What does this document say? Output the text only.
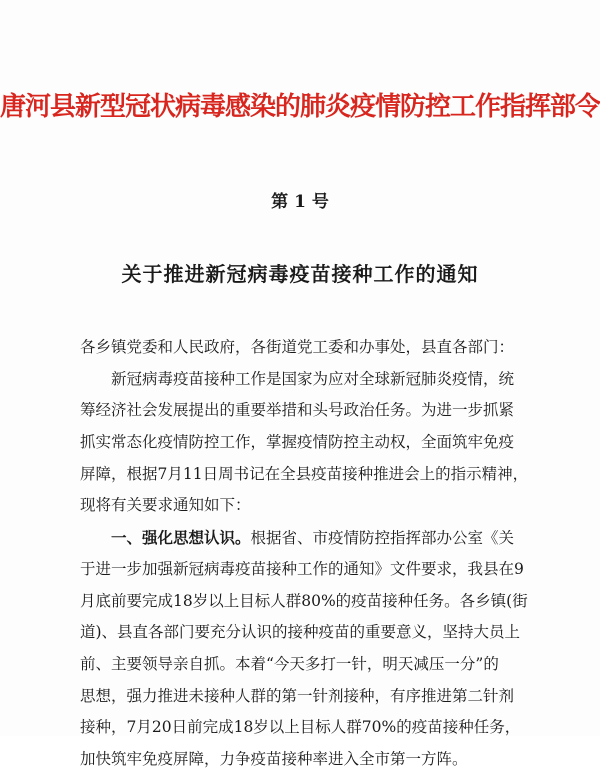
唐河县新型冠状病毒感染的肺炎疫情防控工作指挥部令
第 1 号
关于推进新冠病毒疫苗接种工作的通知
各乡镇党委和人民政府，各街道党工委和办事处，县直各部门：
新冠病毒疫苗接种工作是国家为应对全球新冠肺炎疫情，统
筹经济社会发展提出的重要举措和头号政治任务。为进一步抓紧
抓实常态化疫情防控工作，掌握疫情防控主动权，全面筑牢免疫
屏障，根据7月11日周书记在全县疫苗接种推进会上的指示精神，
现将有关要求通知如下：
一、强化思想认识。根据省、市疫情防控指挥部办公室《关
于进一步加强新冠病毒疫苗接种工作的通知》文件要求，我县在9
月底前要完成18岁以上目标人群80%的疫苗接种任务。各乡镇(街
道)、县直各部门要充分认识的接种疫苗的重要意义，坚持大员上
前、主要领导亲自抓。本着“今天多打一针，明天减压一分”的
思想，强力推进未接种人群的第一针剂接种，有序推进第二针剂
接种，7月20日前完成18岁以上目标人群70%的疫苗接种任务，
加快筑牢免疫屏障，力争疫苗接种率进入全市第一方阵。
